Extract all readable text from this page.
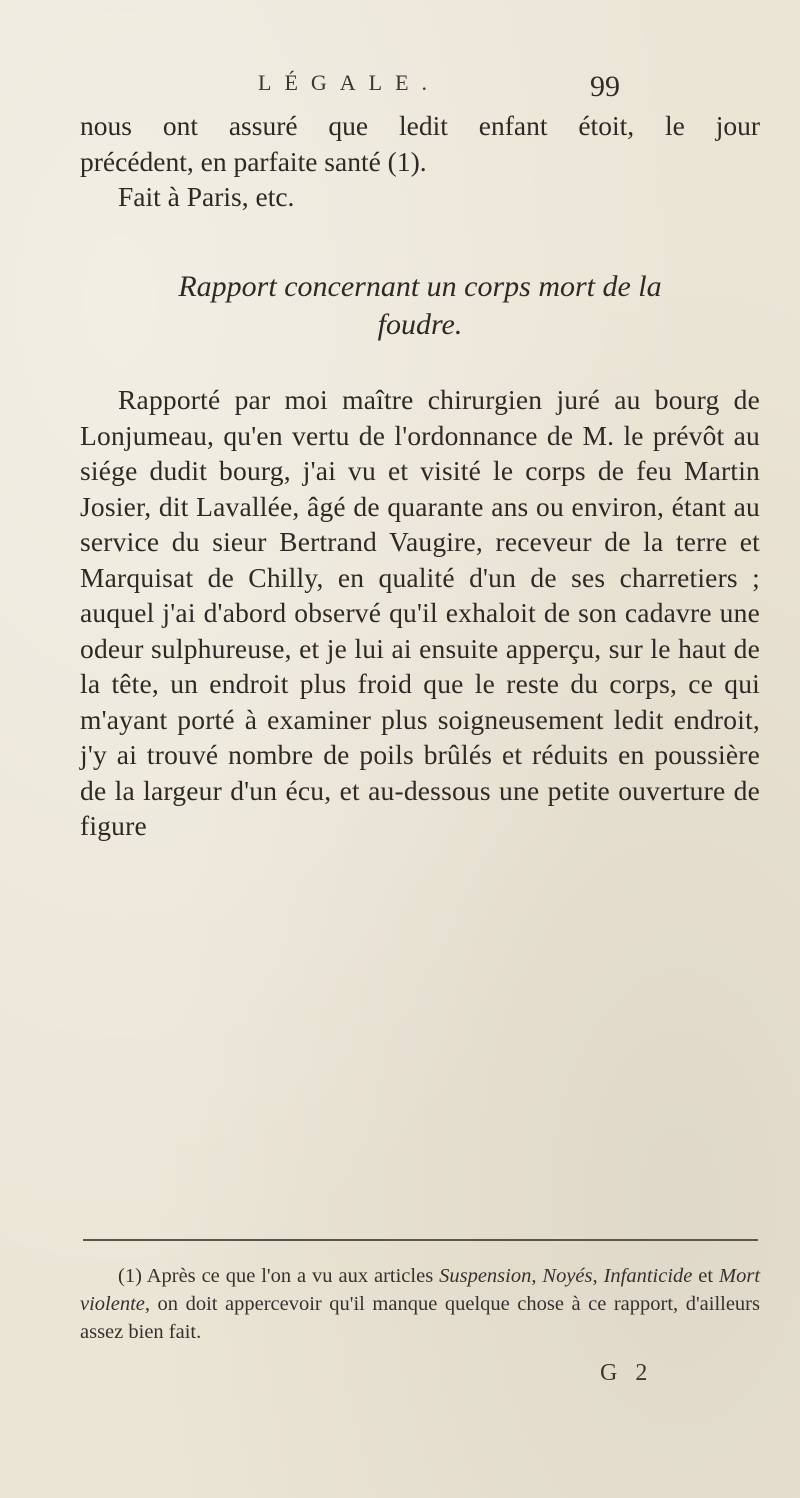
LÉGALE.	99

nous ont assuré que ledit enfant étoit, le jour

précédent, en parfaite santé (1).

Fait à Paris, etc.

Rapport concernant un corps mort de la
foudre.

Rapporté par moi maître chirurgien juré au bourg de Lonjumeau, qu'en vertu de l'ordonnance de M. le prévôt au siége dudit bourg, j'ai vu et visité le corps de feu Martin Josier, dit Lavallée, âgé de quarante ans ou environ, étant au service du sieur Bertrand Vaugire, receveur de la terre et Marquisat de Chilly, en qualité d'un de ses charretiers ; auquel j'ai d'abord observé qu'il exhaloit de son cadavre une odeur sulphureuse, et je lui ai ensuite apperçu, sur le haut de la tête, un endroit plus froid que le reste du corps, ce qui m'ayant porté à examiner plus soigneusement ledit endroit, j'y ai trouvé nombre de poils brûlés et réduits en poussière de la largeur d'un écu, et au-dessous une petite ouverture de figure

(1) Après ce que l'on a vu aux articles Suspension, Noyés, Infanticide et Mort violente, on doit appercevoir qu'il manque quelque chose à ce rapport, d'ailleurs assez bien fait.

G 2
